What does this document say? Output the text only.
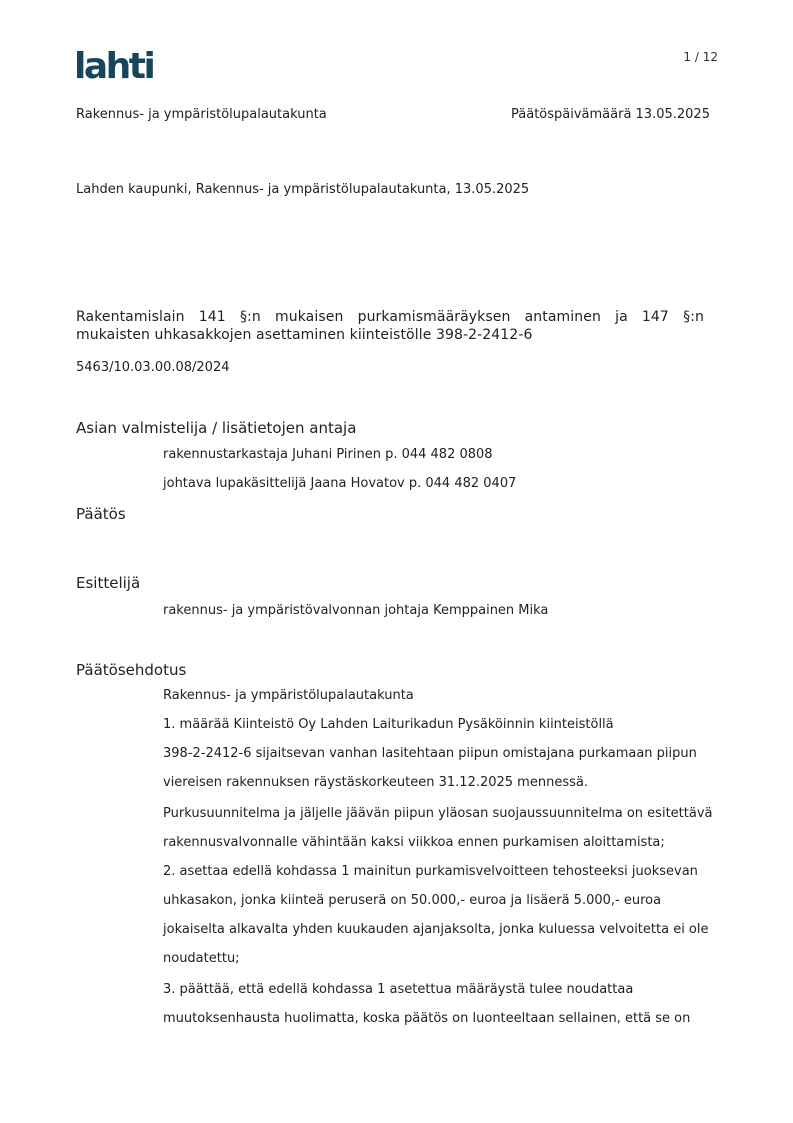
lahti	1 / 12
Rakennus- ja ympäristölupalautakunta	Päätöspäivämäärä 13.05.2025
Lahden kaupunki, Rakennus- ja ympäristölupalautakunta, 13.05.2025
Rakentamislain 141 §:n mukaisen purkamismääräyksen antaminen ja 147 §:n mukaisten uhkasakkojen asettaminen kiinteistölle 398-2-2412-6
5463/10.03.00.08/2024
Asian valmistelija / lisätietojen antaja
rakennustarkastaja Juhani Pirinen p. 044 482 0808
johtava lupakäsittelijä Jaana Hovatov p. 044 482 0407
Päätös
Esittelijä
rakennus- ja ympäristövalvonnan johtaja Kemppainen Mika
Päätösehdotus
Rakennus- ja ympäristölupalautakunta
1. määrää Kiinteistö Oy Lahden Laiturikadun Pysäköinnin kiinteistöllä
398-2-2412-6 sijaitsevan vanhan lasitehtaan piipun omistajana purkamaan piipun
viereisen rakennuksen räystäskorkeuteen 31.12.2025 mennessä.
Purkusuunnitelma ja jäljelle jäävän piipun yläosan suojaussuunnitelma on esitettävä
rakennusvalvonnalle vähintään kaksi viikkoa ennen purkamisen aloittamista;
2. asettaa edellä kohdassa 1 mainitun purkamisvelvoitteen tehosteeksi juoksevan
uhkasakon, jonka kiinteä peruserä on 50.000,- euroa ja lisäerä 5.000,- euroa
jokaiselta alkavalta yhden kuukauden ajanjaksolta, jonka kuluessa velvoitetta ei ole
noudatettu;
3. päättää, että edellä kohdassa 1 asetettua määräystä tulee noudattaa
muutoksenhausta huolimatta, koska päätös on luonteeltaan sellainen, että se on
